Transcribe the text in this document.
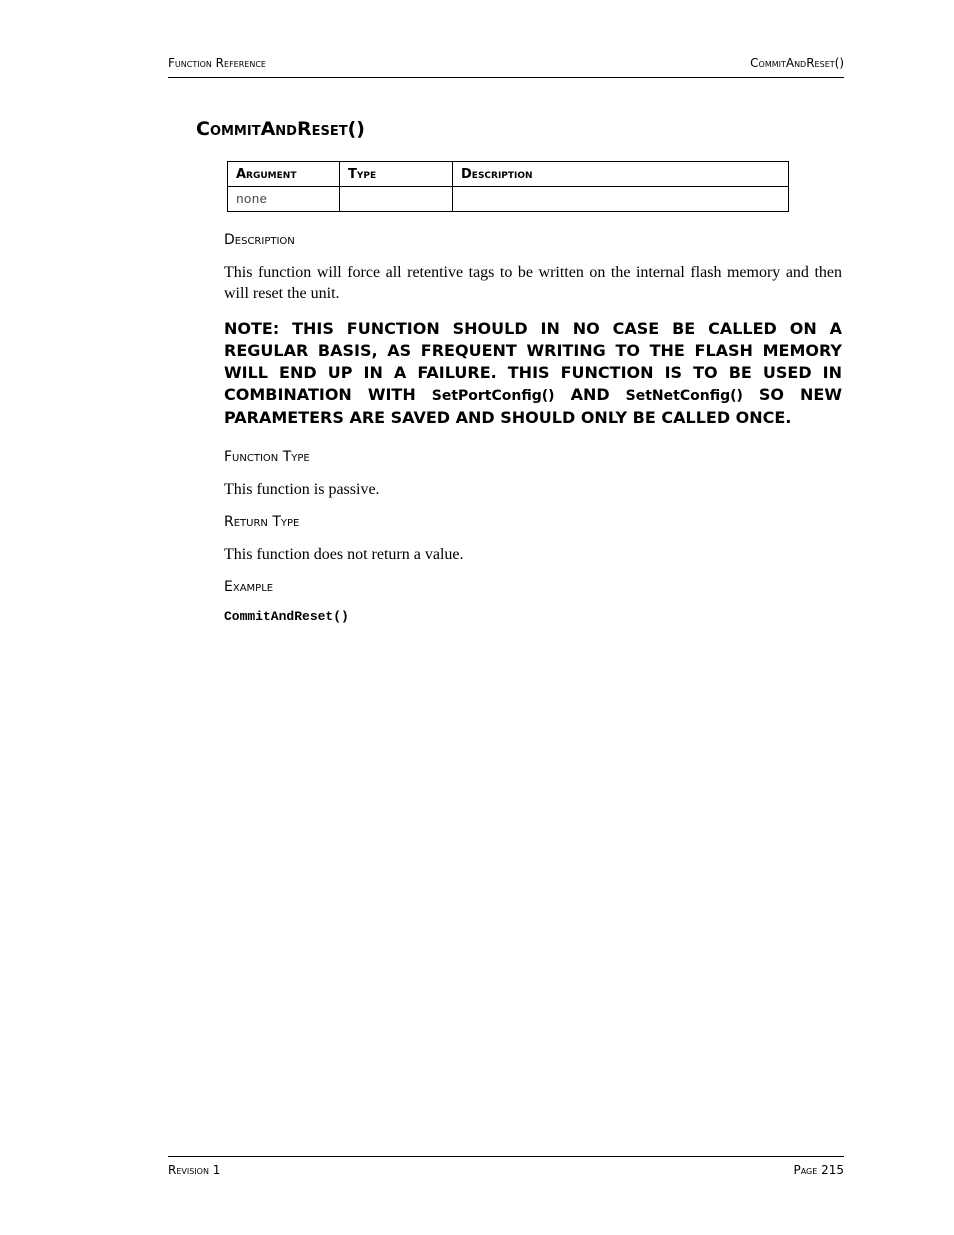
Function Reference	CommitAndReset()
CommitAndReset()
Argument	Type	Description
none		
Description

This function will force all retentive tags to be written on the internal flash memory and then will reset the unit.

NOTE: THIS FUNCTION SHOULD IN NO CASE BE CALLED ON A REGULAR BASIS, AS FREQUENT WRITING TO THE FLASH MEMORY WILL END UP IN A FAILURE. THIS FUNCTION IS TO BE USED IN COMBINATION WITH SetPortConfig() AND SetNetConfig() SO NEW PARAMETERS ARE SAVED AND SHOULD ONLY BE CALLED ONCE.

Function Type

This function is passive.

Return Type

This function does not return a value.

Example

CommitAndReset()

Revision 1	Page 215
